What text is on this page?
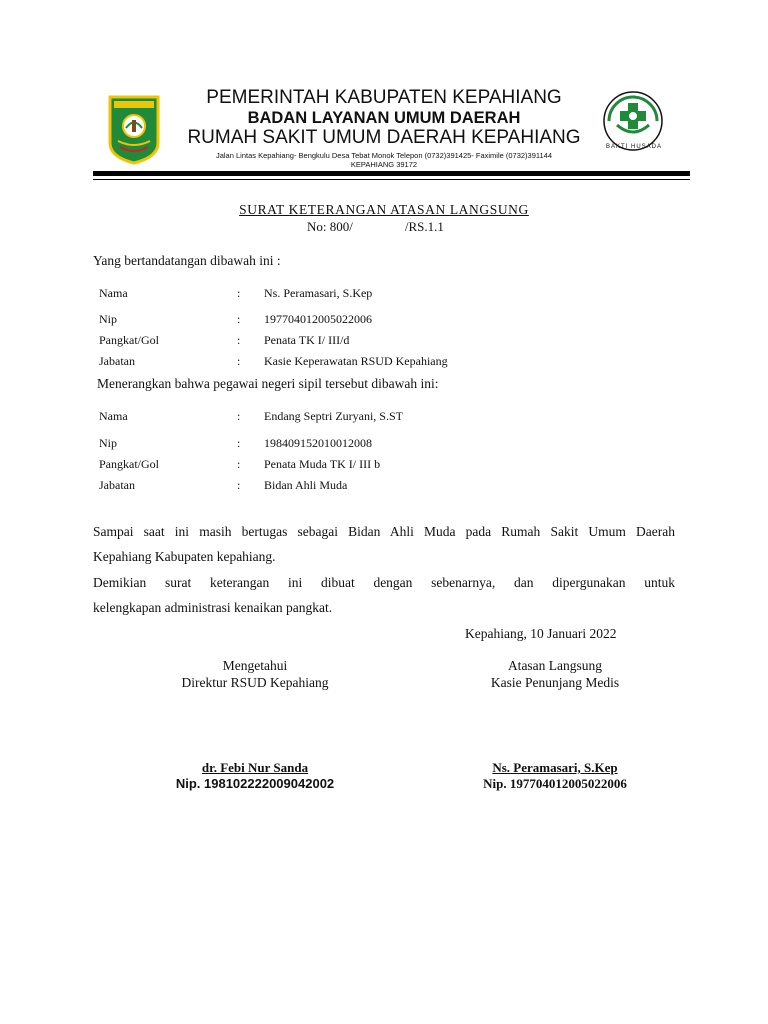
BAKTI HUSADA
PEMERINTAH KABUPATEN KEPAHIANG
BADAN LAYANAN UMUM DAERAH
RUMAH SAKIT UMUM DAERAH KEPAHIANG
Jalan Lintas Kepahiang- Bengkulu Desa Tebat Monok Telepon (0732)391425- Faximile (0732)391144
KEPAHIANG 39172
SURAT KETERANGAN ATASAN LANGSUNG
No: 800/	/RS.1.1
Yang bertandatangan dibawah ini :
Nama	: Ns. Peramasari, S.Kep
Nip	: 197704012005022006
Pangkat/Gol	: Penata TK I/ III/d
Jabatan	: Kasie Keperawatan RSUD Kepahiang
Menerangkan bahwa pegawai negeri sipil tersebut dibawah ini:
Nama	: Endang Septri Zuryani, S.ST
Nip	: 198409152010012008
Pangkat/Gol	: Penata Muda TK I/ III b
Jabatan	: Bidan Ahli Muda
Sampai saat ini masih bertugas sebagai Bidan Ahli Muda pada Rumah Sakit Umum Daerah
Kepahiang Kabupaten kepahiang.
Demikian surat keterangan ini dibuat dengan sebenarnya, dan dipergunakan untuk
kelengkapan administrasi kenaikan pangkat.
Kepahiang, 10 Januari 2022
Mengetahui
Direktur RSUD Kepahiang
dr. Febi Nur Sanda
Nip. 198102222009042002
Atasan Langsung
Kasie Penunjang Medis
Ns. Peramasari, S.Kep
Nip. 197704012005022006
